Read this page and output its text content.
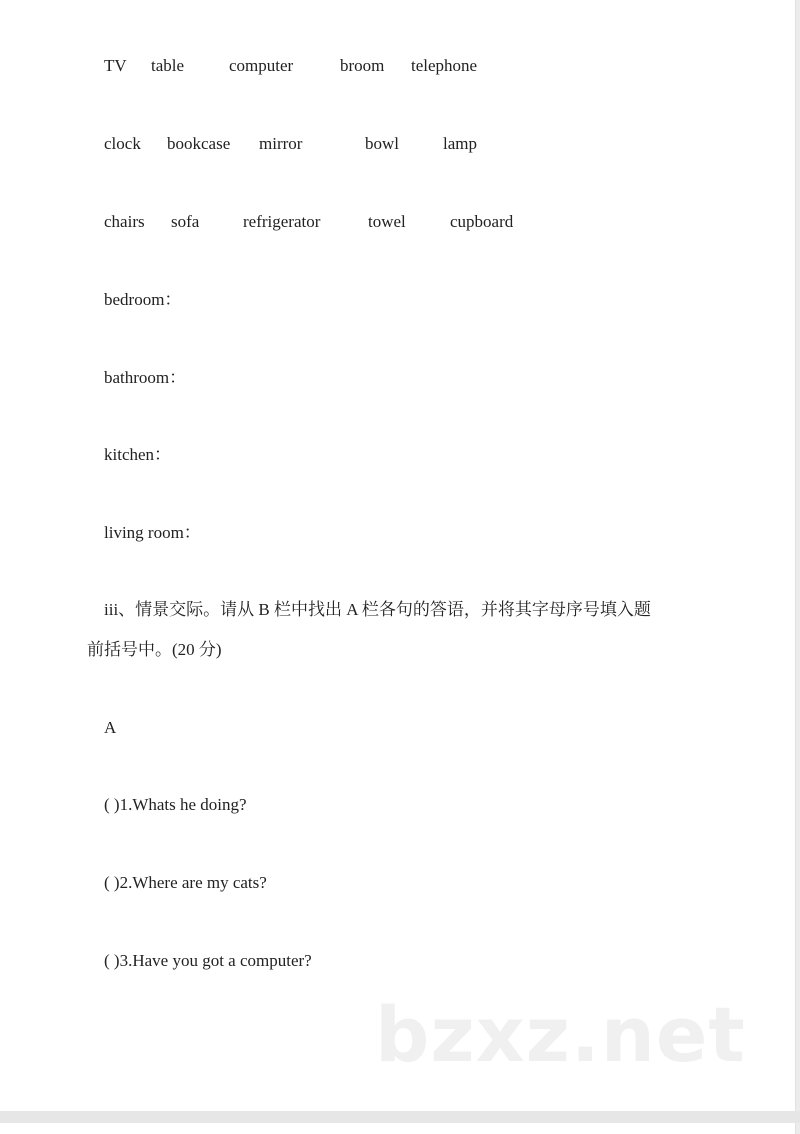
TV table	computer	broom telephone
clock bookcase mirror	bowl	lamp
chairs sofa	refrigerator	towel	cupboard
bedroom：
bathroom：
kitchen：
living room：
iii、情景交际。请从 B 栏中找出 A 栏各句的答语，并将其字母序号填入题
前括号中。(20 分)
A
( )1.Whats he doing?
( )2.Where are my cats?
( )3.Have you got a computer?
bzxz.net
